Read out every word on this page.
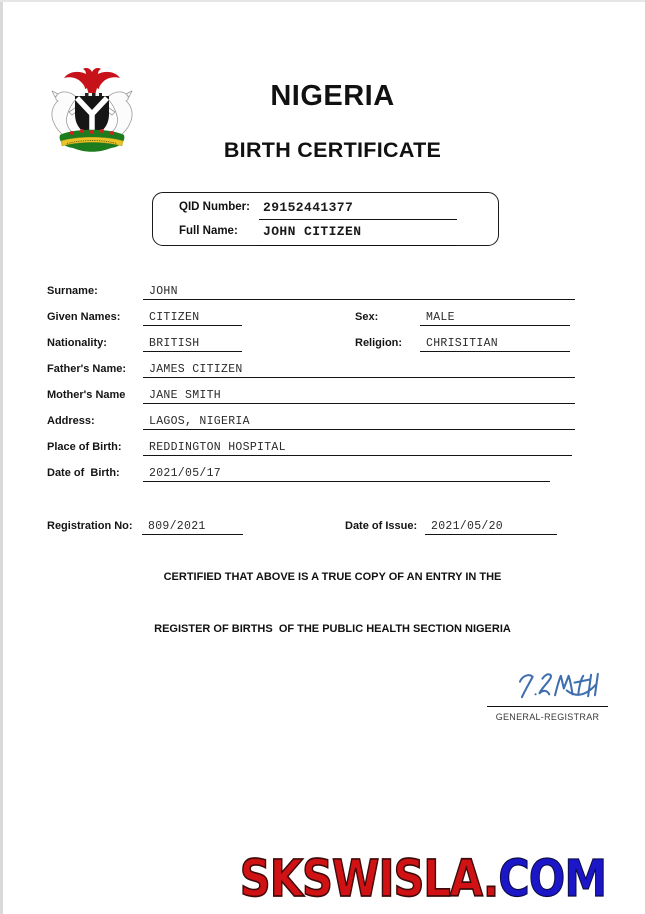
NIGERIA
BIRTH CERTIFICATE
QID Number: 29152441377
Full Name: JOHN CITIZEN
Surname:	JOHN
Given Names: CITIZEN	Sex:	MALE
Nationality:	BRITISH	Religion: CHRISITIAN
Father's Name: JAMES CITIZEN
Mother's Name JANE SMITH
Address:	LAGOS, NIGERIA
Place of Birth: REDDINGTON HOSPITAL
Date of  Birth:	2021/05/17
Registration No: 809/2021	Date of Issue: 2021/05/20
CERTIFIED THAT ABOVE IS A TRUE COPY OF AN ENTRY IN THE
REGISTER OF BIRTHS  OF THE PUBLIC HEALTH SECTION NIGERIA
GENERAL-REGISTRAR

SKSWISLA.COM
